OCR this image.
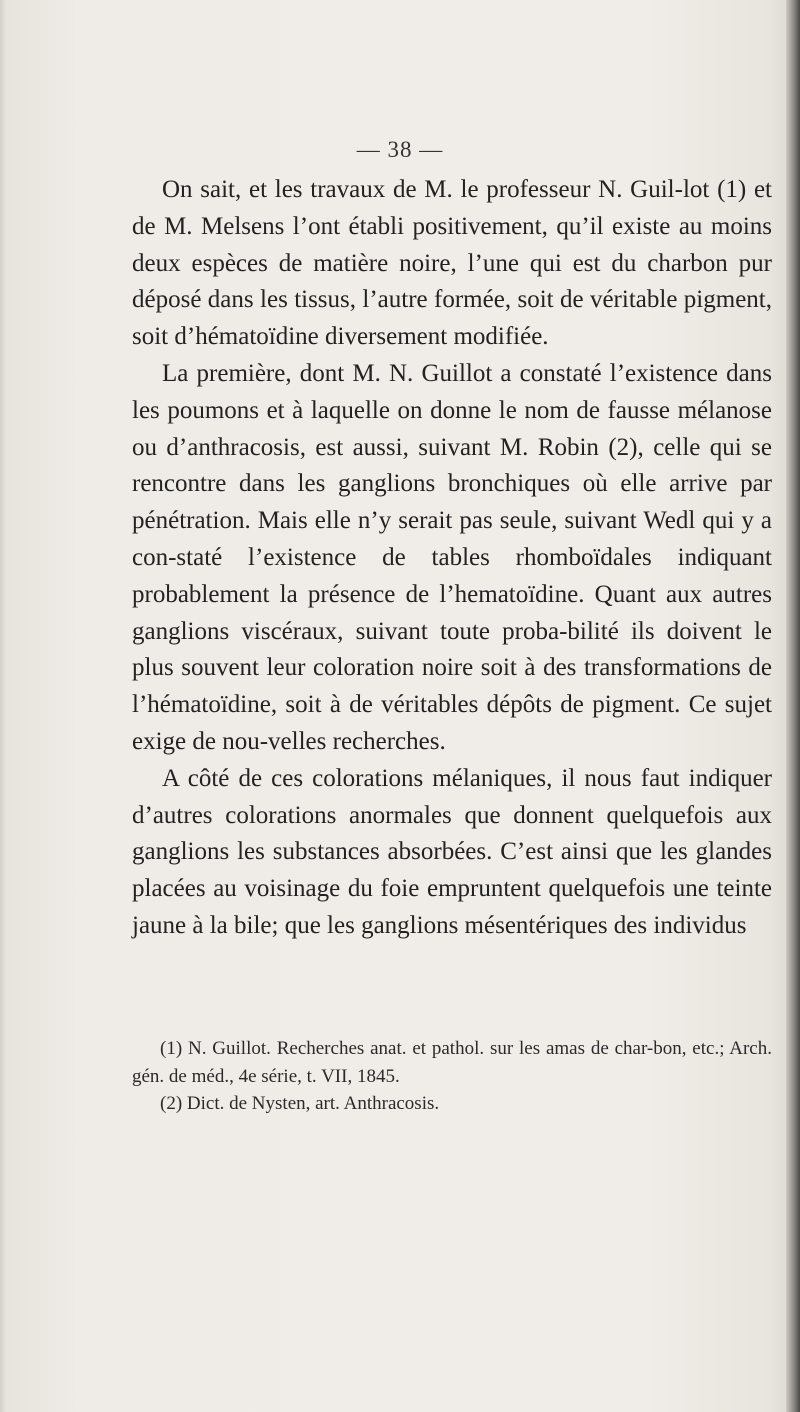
— 38 —

On sait, et les travaux de M. le professeur N. Guil-lot (1) et de M. Melsens l’ont établi positivement, qu’il existe au moins deux espèces de matière noire, l’une qui est du charbon pur déposé dans les tissus, l’autre formée, soit de véritable pigment, soit d’hématoïdine diversement modifiée.

La première, dont M. N. Guillot a constaté l’existence dans les poumons et à laquelle on donne le nom de fausse mélanose ou d’anthracosis, est aussi, suivant M. Robin (2), celle qui se rencontre dans les ganglions bronchiques où elle arrive par pénétration. Mais elle n’y serait pas seule, suivant Wedl qui y a con-staté l’existence de tables rhomboïdales indiquant probablement la présence de l’hematoïdine. Quant aux autres ganglions viscéraux, suivant toute proba-bilité ils doivent le plus souvent leur coloration noire soit à des transformations de l’hématoïdine, soit à de véritables dépôts de pigment. Ce sujet exige de nou-velles recherches.

A côté de ces colorations mélaniques, il nous faut indiquer d’autres colorations anormales que donnent quelquefois aux ganglions les substances absorbées. C’est ainsi que les glandes placées au voisinage du foie empruntent quelquefois une teinte jaune à la bile; que les ganglions mésentériques des individus

(1) N. Guillot. Recherches anat. et pathol. sur les amas de char-bon, etc.; Arch. gén. de méd., 4e série, t. VII, 1845.

(2) Dict. de Nysten, art. Anthracosis.
